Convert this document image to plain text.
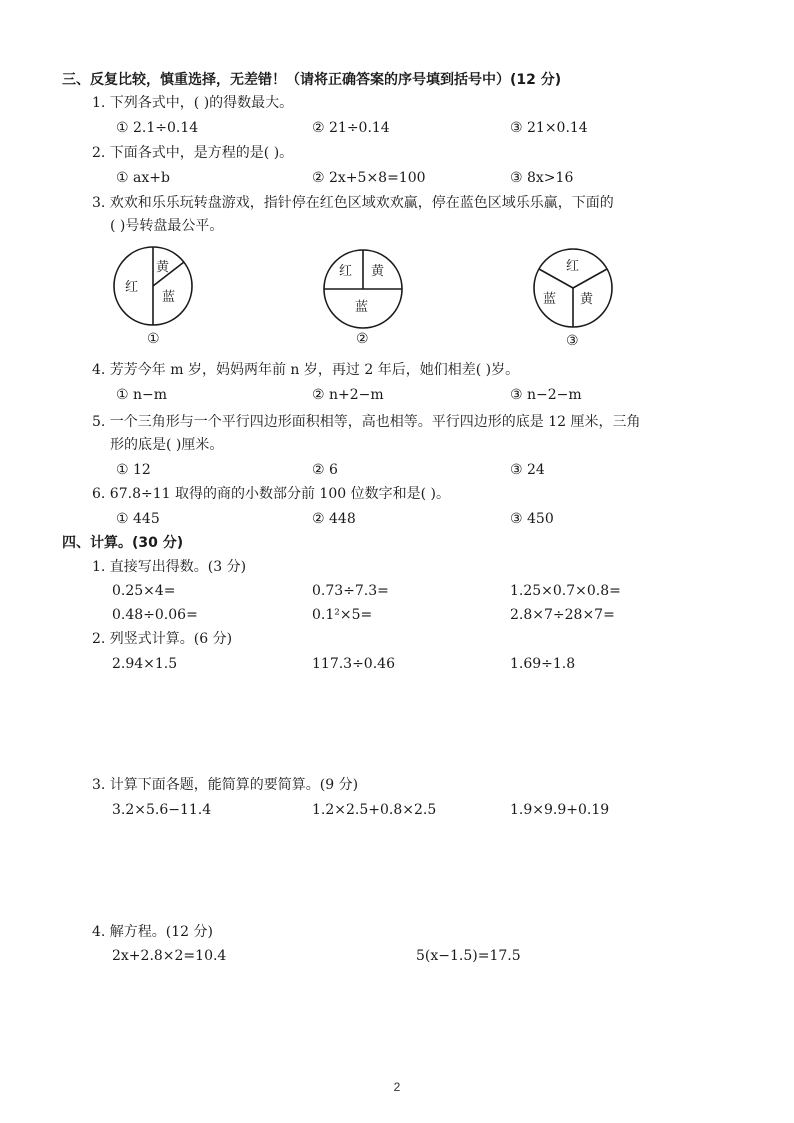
三、反复比较，慎重选择，无差错！（请将正确答案的序号填到括号中）(12 分)
1. 下列各式中，( )的得数最大。
① 2.1÷0.14	② 21÷0.14	③ 21×0.14
2. 下面各式中，是方程的是( )。
① ax+b	② 2x+5×8=100	③ 8x>16
3. 欢欢和乐乐玩转盘游戏，指针停在红色区域欢欢赢，停在蓝色区域乐乐赢，下面的
( )号转盘最公平。
红
黄
蓝
①
红 黄
蓝
②
红
蓝 黄
③
4. 芳芳今年 m 岁，妈妈两年前 n 岁，再过 2 年后，她们相差( )岁。
① n−m	② n+2−m	③ n−2−m
5. 一个三角形与一个平行四边形面积相等，高也相等。平行四边形的底是 12 厘米，三角
形的底是( )厘米。
① 12	② 6	③ 24
6. 67.8÷11 取得的商的小数部分前 100 位数字和是( )。
① 445	② 448	③ 450
四、计算。(30 分)
1. 直接写出得数。(3 分)
0.25×4=	0.73÷7.3=	1.25×0.7×0.8=
0.48÷0.06=	0.1²×5=	2.8×7÷28×7=
2. 列竖式计算。(6 分)
2.94×1.5	117.3÷0.46	1.69÷1.8
3. 计算下面各题，能简算的要简算。(9 分)
3.2×5.6−11.4	1.2×2.5+0.8×2.5	1.9×9.9+0.19
4. 解方程。(12 分)
2x+2.8×2=10.4	5(x−1.5)=17.5
2
